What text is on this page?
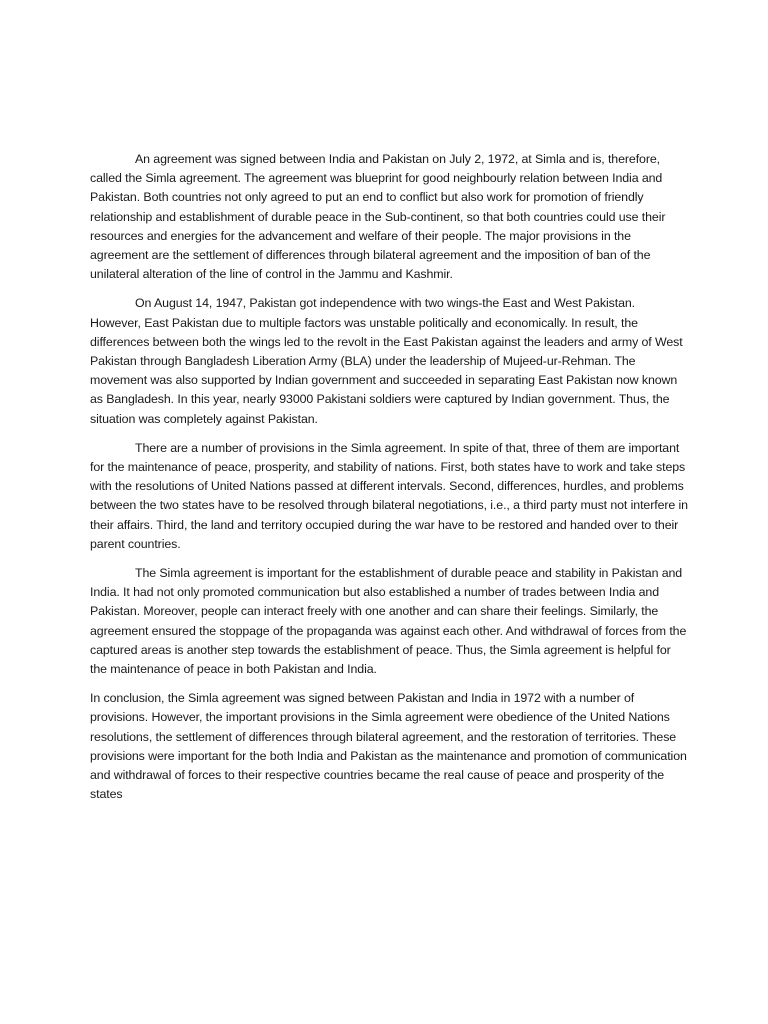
An agreement was signed between India and Pakistan on July 2, 1972, at Simla and is, therefore, called the Simla agreement. The agreement was blueprint for good neighbourly relation between India and Pakistan. Both countries not only agreed to put an end to conflict but also work for promotion of friendly relationship and establishment of durable peace in the Sub-continent, so that both countries could use their resources and energies for the advancement and welfare of their people. The major provisions in the agreement are the settlement of differences through bilateral agreement and the imposition of ban of the unilateral alteration of the line of control in the Jammu and Kashmir.

On August 14, 1947, Pakistan got independence with two wings-the East and West Pakistan. However, East Pakistan due to multiple factors was unstable politically and economically. In result, the differences between both the wings led to the revolt in the East Pakistan against the leaders and army of West Pakistan through Bangladesh Liberation Army (BLA) under the leadership of Mujeed-ur-Rehman. The movement was also supported by Indian government and succeeded in separating East Pakistan now known as Bangladesh. In this year, nearly 93000 Pakistani soldiers were captured by Indian government. Thus, the situation was completely against Pakistan.

There are a number of provisions in the Simla agreement. In spite of that, three of them are important for the maintenance of peace, prosperity, and stability of nations. First, both states have to work and take steps with the resolutions of United Nations passed at different intervals. Second, differences, hurdles, and problems between the two states have to be resolved through bilateral negotiations, i.e., a third party must not interfere in their affairs. Third, the land and territory occupied during the war have to be restored and handed over to their parent countries.

The Simla agreement is important for the establishment of durable peace and stability in Pakistan and India. It had not only promoted communication but also established a number of trades between India and Pakistan. Moreover, people can interact freely with one another and can share their feelings. Similarly, the agreement ensured the stoppage of the propaganda was against each other. And withdrawal of forces from the captured areas is another step towards the establishment of peace. Thus, the Simla agreement is helpful for the maintenance of peace in both Pakistan and India.

In conclusion, the Simla agreement was signed between Pakistan and India in 1972 with a number of provisions. However, the important provisions in the Simla agreement were obedience of the United Nations resolutions, the settlement of differences through bilateral agreement, and the restoration of territories. These provisions were important for the both India and Pakistan as the maintenance and promotion of communication and withdrawal of forces to their respective countries became the real cause of peace and prosperity of the states
